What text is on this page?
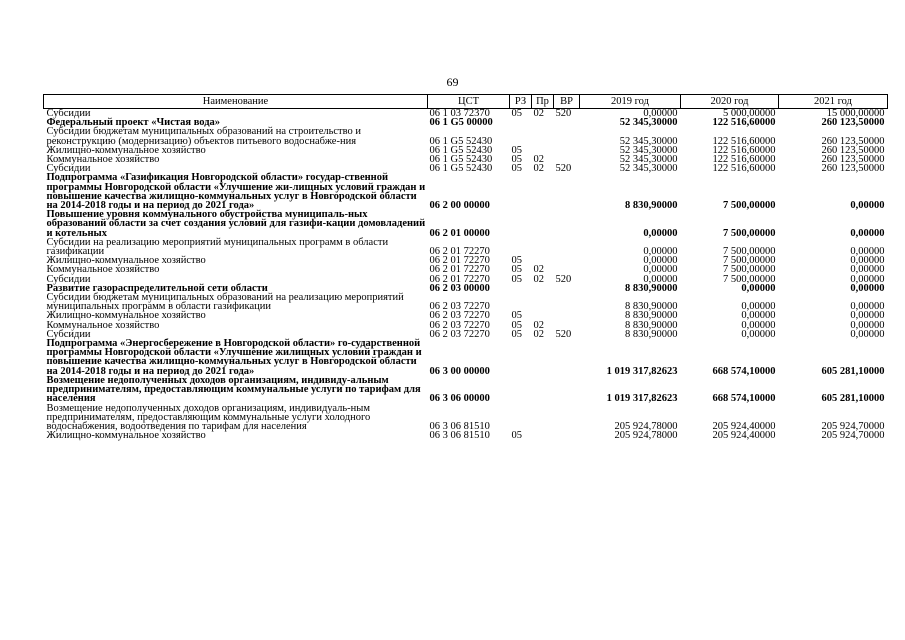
69
Наименование	ЦСТ	РЗ	Пр	ВР	2019 год	2020 год	2021 год
Субсидии	06 1 03 72370	05	02	520	0,00000	5 000,00000	15 000,00000
Федеральный проект «Чистая вода»	06 1 G5 00000				52 345,30000	122 516,60000	260 123,50000
Субсидии бюджетам муниципальных образований на строительство и реконструкцию (модернизацию) объектов питьевого водоснабже-ния	06 1 G5 52430				52 345,30000	122 516,60000	260 123,50000
Жилищно-коммунальное хозяйство	06 1 G5 52430	05			52 345,30000	122 516,60000	260 123,50000
Коммунальное хозяйство	06 1 G5 52430	05	02		52 345,30000	122 516,60000	260 123,50000
Субсидии	06 1 G5 52430	05	02	520	52 345,30000	122 516,60000	260 123,50000
Подпрограмма «Газификация Новгородской области» государ-ственной программы Новгородской области «Улучшение жи-лищных условий граждан и повышение качества жилищно-коммунальных услуг в Новгородской области на 2014-2018 годы и на период до 2021 года»	06 2 00 00000				8 830,90000	7 500,00000	0,00000
Повышение уровня коммунального обустройства муниципаль-ных образований области за счет создания условий для газифи-кации домовладений и котельных	06 2 01 00000				0,00000	7 500,00000	0,00000
Субсидии на реализацию мероприятий муниципальных программ в области газификации	06 2 01 72270				0,00000	7 500,00000	0,00000
Жилищно-коммунальное хозяйство	06 2 01 72270	05			0,00000	7 500,00000	0,00000
Коммунальное хозяйство	06 2 01 72270	05	02		0,00000	7 500,00000	0,00000
Субсидии	06 2 01 72270	05	02	520	0,00000	7 500,00000	0,00000
Развитие газораспределительной сети области	06 2 03 00000				8 830,90000	0,00000	0,00000
Субсидии бюджетам муниципальных образований на реализацию мероприятий муниципальных программ в области газификации	06 2 03 72270				8 830,90000	0,00000	0,00000
Жилищно-коммунальное хозяйство	06 2 03 72270	05			8 830,90000	0,00000	0,00000
Коммунальное хозяйство	06 2 03 72270	05	02		8 830,90000	0,00000	0,00000
Субсидии	06 2 03 72270	05	02	520	8 830,90000	0,00000	0,00000
Подпрограмма «Энергосбережение в Новгородской области» го-сударственной программы Новгородской области «Улучшение жилищных условий граждан и повышение качества жилищно-коммунальных услуг в Новгородской области на 2014-2018 годы и на период до 2021 года»	06 3 00 00000				1 019 317,82623	668 574,10000	605 281,10000
Возмещение недополученных доходов организациям, индивиду-альным предпринимателям, предоставляющим коммунальные услуги по тарифам для населения	06 3 06 00000				1 019 317,82623	668 574,10000	605 281,10000
Возмещение недополученных доходов организациям, индивидуаль-ным предпринимателям, предоставляющим коммунальные услуги холодного водоснабжения, водоотведения по тарифам для населения	06 3 06 81510				205 924,78000	205 924,40000	205 924,70000
Жилищно-коммунальное хозяйство	06 3 06 81510	05			205 924,78000	205 924,40000	205 924,70000
